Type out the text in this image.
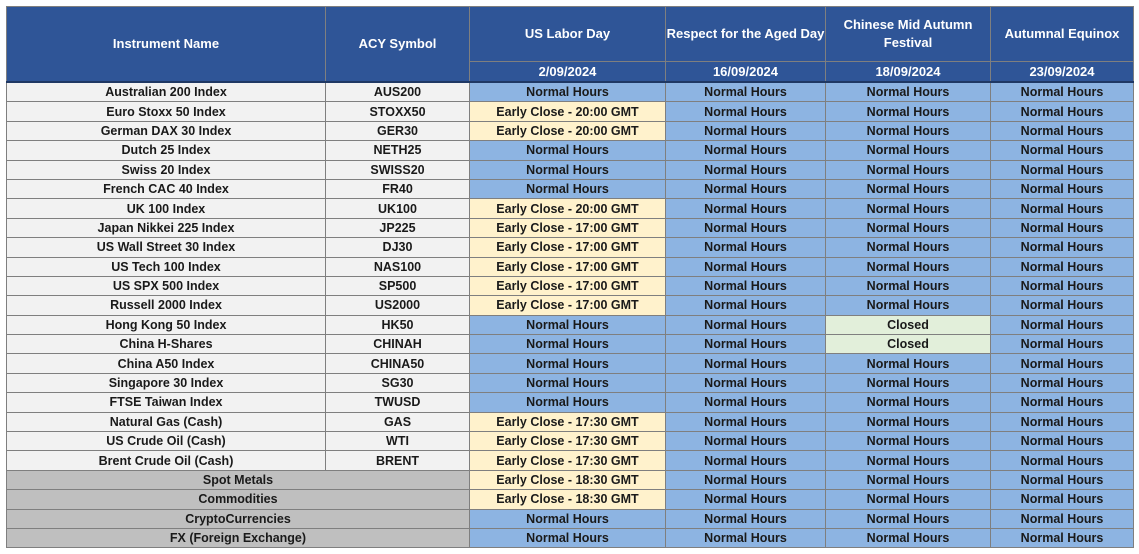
Instrument Name	ACY Symbol	US Labor Day	Respect for the Aged Day	Chinese Mid Autumn Festival	Autumnal Equinox
		2/09/2024	16/09/2024	18/09/2024	23/09/2024
Australian 200 Index	AUS200	Normal Hours	Normal Hours	Normal Hours	Normal Hours
Euro Stoxx 50 Index	STOXX50	Early Close - 20:00 GMT	Normal Hours	Normal Hours	Normal Hours
German DAX 30 Index	GER30	Early Close - 20:00 GMT	Normal Hours	Normal Hours	Normal Hours
Dutch 25 Index	NETH25	Normal Hours	Normal Hours	Normal Hours	Normal Hours
Swiss 20 Index	SWISS20	Normal Hours	Normal Hours	Normal Hours	Normal Hours
French CAC 40 Index	FR40	Normal Hours	Normal Hours	Normal Hours	Normal Hours
UK 100 Index	UK100	Early Close - 20:00 GMT	Normal Hours	Normal Hours	Normal Hours
Japan Nikkei 225 Index	JP225	Early Close - 17:00 GMT	Normal Hours	Normal Hours	Normal Hours
US Wall Street 30 Index	DJ30	Early Close - 17:00 GMT	Normal Hours	Normal Hours	Normal Hours
US Tech 100 Index	NAS100	Early Close - 17:00 GMT	Normal Hours	Normal Hours	Normal Hours
US SPX 500 Index	SP500	Early Close - 17:00 GMT	Normal Hours	Normal Hours	Normal Hours
Russell 2000 Index	US2000	Early Close - 17:00 GMT	Normal Hours	Normal Hours	Normal Hours
Hong Kong 50 Index	HK50	Normal Hours	Normal Hours	Closed	Normal Hours
China H-Shares	CHINAH	Normal Hours	Normal Hours	Closed	Normal Hours
China A50 Index	CHINA50	Normal Hours	Normal Hours	Normal Hours	Normal Hours
Singapore 30 Index	SG30	Normal Hours	Normal Hours	Normal Hours	Normal Hours
FTSE Taiwan Index	TWUSD	Normal Hours	Normal Hours	Normal Hours	Normal Hours
Natural Gas (Cash)	GAS	Early Close - 17:30 GMT	Normal Hours	Normal Hours	Normal Hours
US Crude Oil (Cash)	WTI	Early Close - 17:30 GMT	Normal Hours	Normal Hours	Normal Hours
Brent Crude Oil (Cash)	BRENT	Early Close - 17:30 GMT	Normal Hours	Normal Hours	Normal Hours
Spot Metals		Early Close - 18:30 GMT	Normal Hours	Normal Hours	Normal Hours
Commodities		Early Close - 18:30 GMT	Normal Hours	Normal Hours	Normal Hours
CryptoCurrencies		Normal Hours	Normal Hours	Normal Hours	Normal Hours
FX (Foreign Exchange)		Normal Hours	Normal Hours	Normal Hours	Normal Hours
